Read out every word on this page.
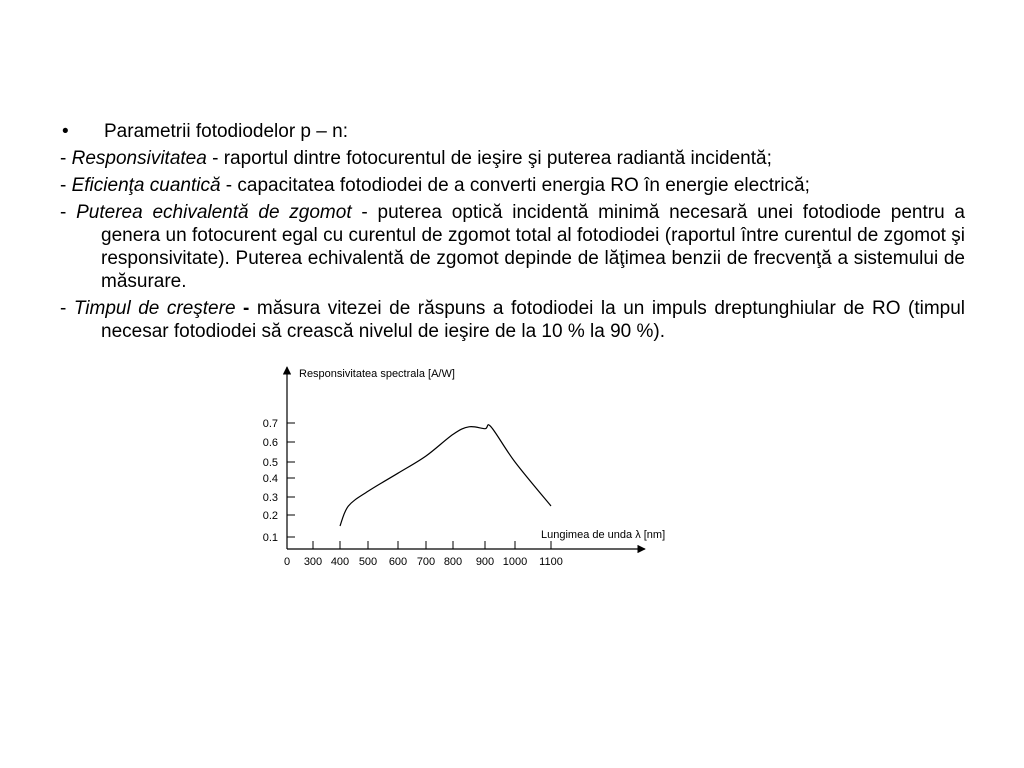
•	Parametrii fotodiodelor p – n:
- Responsivitatea - raportul dintre fotocurentul de ieşire şi puterea radiantă incidentă;
- Eficienţa cuantică - capacitatea fotodiodei de a converti energia RO în energie electrică;
- Puterea echivalentă de zgomot - puterea optică incidentă minimă necesară unei fotodiode pentru a genera un fotocurent egal cu curentul de zgomot total al fotodiodei (raportul între curentul de zgomot şi responsivitate). Puterea echivalentă de zgomot depinde de lăţimea benzii de frecvenţă a sistemului de măsurare.
- Timpul de creştere - măsura vitezei de răspuns a fotodiodei la un impuls dreptunghiular de RO (timpul necesar fotodiodei să crească nivelul de ieşire de la 10 % la 90 %).
Responsivitatea spectrala [A/W]
Lungimea de unda λ [nm]
0.1
0.2
0.3
0.4
0.5
0.6
0.7
0 300 400 500 600 700 800 900 1000 1100
